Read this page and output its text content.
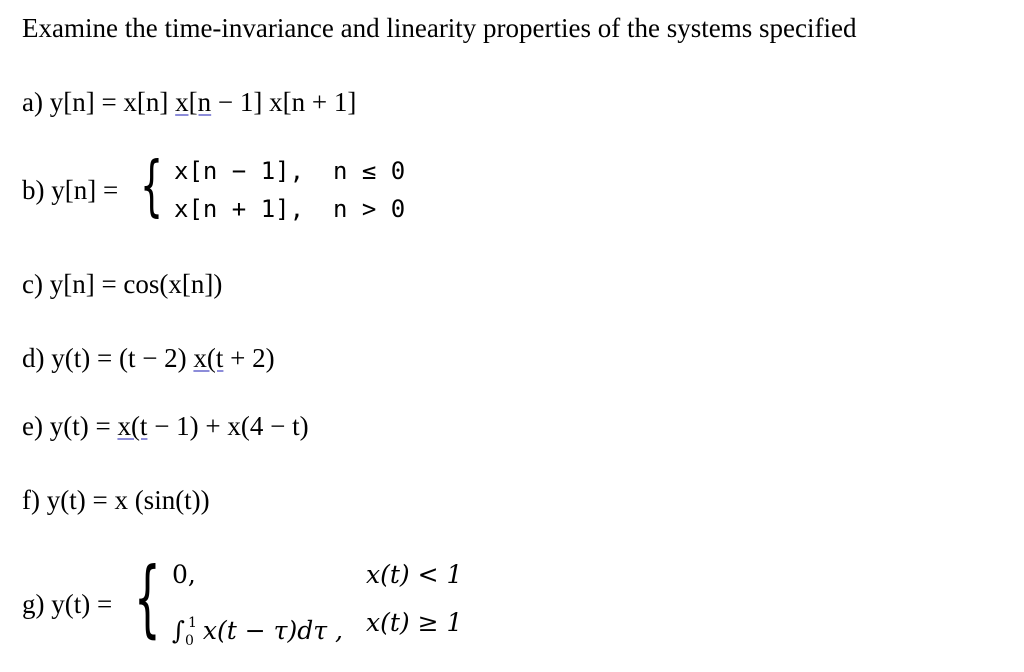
Examine the time-invariance and linearity properties of the systems specified
a) y[n] = x[n] x[n − 1] x[n + 1]
b) y[n] = { x[n − 1],  n ≤ 0
x[n + 1],  n > 0
c) y[n] = cos(x[n])
d) y(t) = (t − 2) x(t + 2)
e) y(t) = x(t − 1) + x(4 − t)
f) y(t) = x (sin(t))
g) y(t) = { 0,	x(t) < 1
$\int_0^1$ x(t − τ)dτ , x(t) ≥ 1
